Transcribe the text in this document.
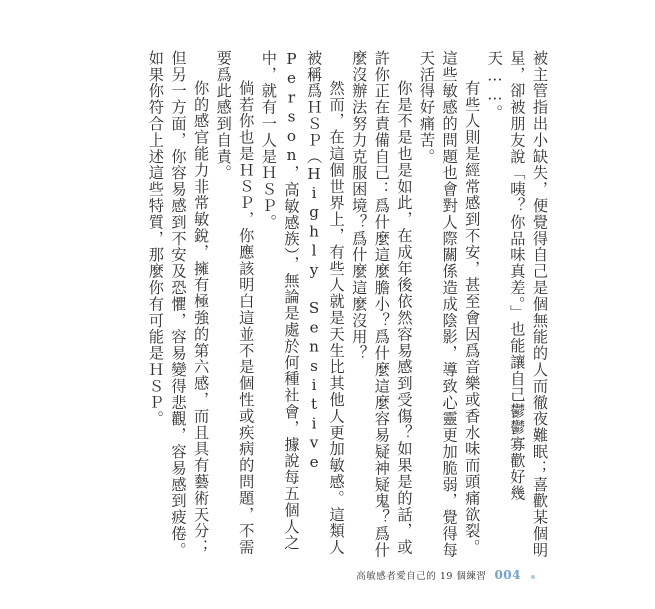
被主管指出小缺失，便覺得自己是個無能的人而徹夜難眠；喜歡某個明星，卻被朋友說「咦？你品味真差。」也能讓自己鬱鬱寡歡好幾天……。

有些人則是經常感到不安，甚至會因爲音樂或香水味而頭痛欲裂。這些敏感的問題也會對人際關係造成陰影，導致心靈更加脆弱，覺得每天活得好痛苦。

你是不是也是如此，在成年後依然容易感到受傷？如果是的話，或許你正在責備自己：爲什麼這麼膽小？爲什麼這麼容易疑神疑鬼？爲什麼沒辦法努力克服困境？爲什麼這麼沒用？

然而，在這個世界上，有些人就是天生比其他人更加敏感。這類人被稱爲ＨＳＰ（Highly Sensitive Person，高敏感族），無論是處於何種社會，據說每五個人之中，就有一人是ＨＳＰ。

倘若你也是ＨＳＰ，你應該明白這並不是個性或疾病的問題，不需要爲此感到自責。

你的感官能力非常敏銳，擁有極強的第六感，而且具有藝術天分；但另一方面，你容易感到不安及恐懼，容易變得悲觀，容易感到疲倦。如果你符合上述這些特質，那麼你有可能是ＨＳＰ。

高敏感者愛自己的 19 個練習 004
